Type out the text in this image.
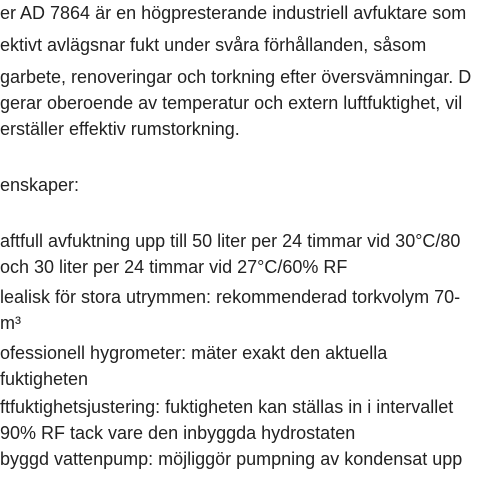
er AD 7864 är en högpresterande industriell avfuktare som
ektivt avlägsnar fukt under svåra förhållanden, såsom
garbete, renoveringar och torkning efter översvämningar. D
gerar oberoende av temperatur och extern luftfuktighet, vil
erställer effektiv rumstorkning.
enskaper:
aftfull avfuktning upp till 50 liter per 24 timmar vid 30°C/80
och 30 liter per 24 timmar vid 27°C/60% RF
lealisk för stora utrymmen: rekommenderad torkvolym 70-
m³
ofessionell hygrometer: mäter exakt den aktuella
fuktigheten
ftfuktighetsjustering: fuktigheten kan ställas in i intervallet
90% RF tack vare den inbyggda hydrostaten
byggd vattenpump: möjliggör pumpning av kondensat upp
